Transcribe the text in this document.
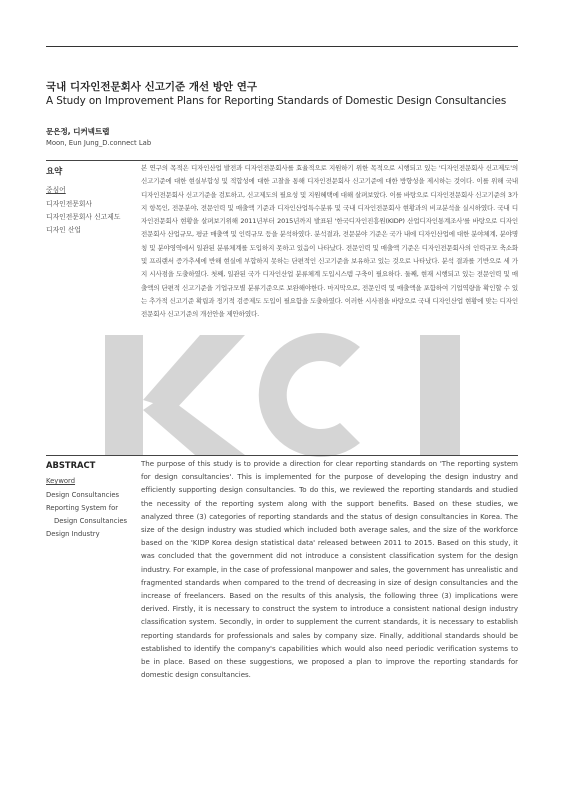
국내 디자인전문회사 신고기준 개선 방안 연구
A Study on Improvement Plans for Reporting Standards of Domestic Design Consultancies
문은정, 디커넥트랩
Moon, Eun Jung_D.connect Lab
요약
중심어
디자인전문회사
디자인전문회사 신고제도
디자인 산업

본 연구의 목적은 디자인산업 발전과 디자인전문회사를 효율적으로 지원하기 위한 목적으로 시행되고 있는 '디자인전문회사 신고제도'의 신고기준에 대한 현실부합성 및 적합성에 대한 고찰을 통해 디자인전문회사 신고기준에 대한 방향성을 제시하는 것이다. 이를 위해 국내 디자인전문회사 신고기준을 검토하고, 신고제도의 필요성 및 지원혜택에 대해 살펴보았다. 이를 바탕으로 디자인전문회사 신고기준의 3가지 항목인, 전문분야, 전문인력 및 매출액 기준과 디자인산업특수분류 및 국내 디자인전문회사 현황과의 비교분석을 실시하였다. 국내 디자인전문회사 현황을 살펴보기위해 2011년부터 2015년까지 발표된 '한국디자인진흥원(KIDP) 산업디자인통계조사'를 바탕으로 디자인전문회사 산업규모, 평균 매출액 및 인력규모 등을 분석하였다. 분석결과, 전문분야 기준은 국가 내에 디자인산업에 대한 분야체계, 분야명칭 및 분야영역에서 일관된 분류체계를 도입하지 못하고 있음이 나타났다. 전문인력 및 매출액 기준은 디자인전문회사의 인력규모 축소화 및 프리랜서 증가추세에 반해 현실에 부합하지 못하는 단편적인 신고기준을 보유하고 있는 것으로 나타났다. 분석 결과를 기반으로 세 가지 시사점을 도출하였다. 첫째, 일관된 국가 디자인산업 분류체계 도입시스템 구축이 필요하다. 둘째, 현재 시행되고 있는 전문인력 및 매출액의 단편적 신고기준을 기업규모별 분류기준으로 보완해야한다. 마지막으로, 전문인력 및 매출액을 포함하여 기업역량을 확인할 수 있는 추가적 신고기준 확립과 정기적 검증제도 도입이 필요함을 도출하였다. 이러한 시사점을 바탕으로 국내 디자인산업 현황에 맞는 디자인전문회사 신고기준의 개선안을 제안하였다.

ABSTRACT
Keyword
Design Consultancies
Reporting System for
Design Consultancies
Design Industry

The purpose of this study is to provide a direction for clear reporting standards on 'The reporting system for design consultancies'. This is implemented for the purpose of developing the design industry and efficiently supporting design consultancies. To do this, we reviewed the reporting standards and studied the necessity of the reporting system along with the support benefits. Based on these studies, we analyzed three (3) categories of reporting standards and the status of design consultancies in Korea. The size of the design industry was studied which included both average sales, and the size of the workforce based on the 'KIDP Korea design statistical data' released between 2011 to 2015. Based on this study, it was concluded that the government did not introduce a consistent classification system for the design industry. For example, in the case of professional manpower and sales, the government has unrealistic and fragmented standards when compared to the trend of decreasing in size of design consultancies and the increase of freelancers. Based on the results of this analysis, the following three (3) implications were derived. Firstly, it is necessary to construct the system to introduce a consistent national design industry classification system. Secondly, in order to supplement the current standards, it is necessary to establish reporting standards for professionals and sales by company size. Finally, additional standards should be established to identify the company's capabilities which would also need periodic verification systems to be in place. Based on these suggestions, we proposed a plan to improve the reporting standards for domestic design consultancies.
